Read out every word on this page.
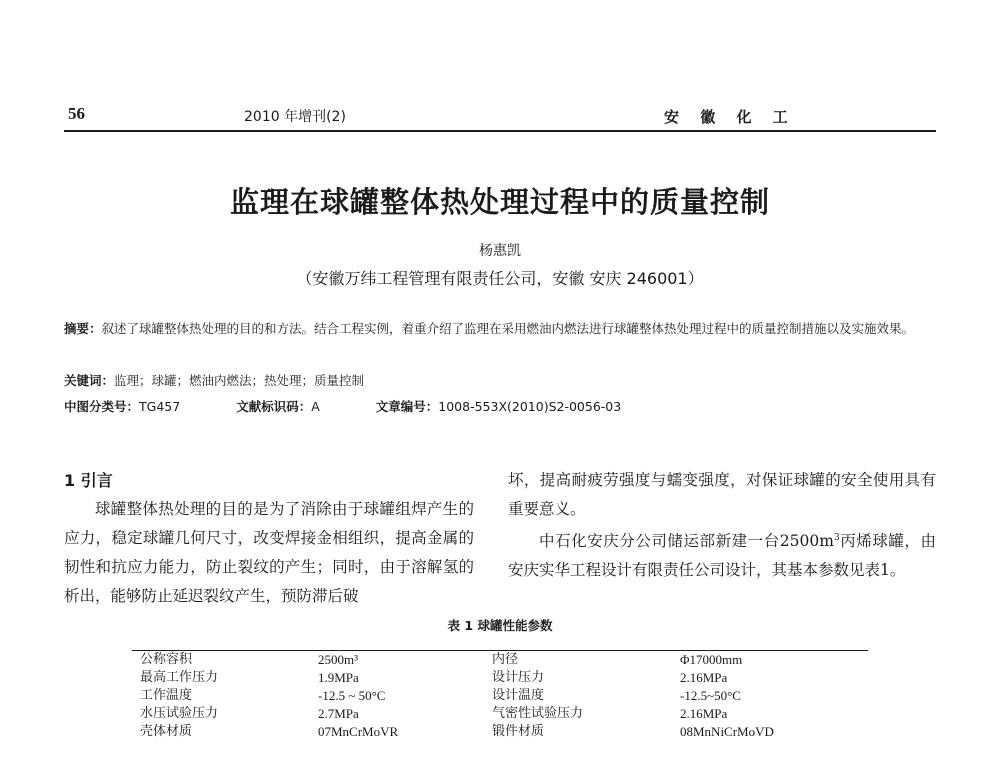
56	2010 年增刊(2)	安 徽 化 工
监理在球罐整体热处理过程中的质量控制
杨惠凯
（安徽万纬工程管理有限责任公司，安徽 安庆 246001）
摘要：叙述了球罐整体热处理的目的和方法。结合工程实例，着重介绍了监理在采用燃油内燃法进行球罐整体热处理过程中的质量控制措施以及实施效果。
关键词：监理；球罐；燃油内燃法；热处理；质量控制
中图分类号：TG457	文献标识码：A	文章编号：1008-553X(2010)S2-0056-03
1 引言
球罐整体热处理的目的是为了消除由于球罐组焊产生的应力，稳定球罐几何尺寸，改变焊接金相组织，提高金属的韧性和抗应力能力，防止裂纹的产生；同时，由于溶解氢的析出，能够防止延迟裂纹产生，预防滞后破
坏，提高耐疲劳强度与蠕变强度，对保证球罐的安全使用具有重要意义。
中石化安庆分公司储运部新建一台$2500m^3$丙烯球罐，由安庆实华工程设计有限责任公司设计，其基本参数见表1。
表 1 球罐性能参数
公称容积	2500m³	内径	Φ17000mm
最高工作压力	1.9MPa	设计压力	2.16MPa
工作温度	-12.5 ~ 50°C	设计温度	-12.5~50°C
水压试验压力	2.7MPa	气密性试验压力	2.16MPa
壳体材质	07MnCrMoVR	锻件材质	08MnNiCrMoVD
